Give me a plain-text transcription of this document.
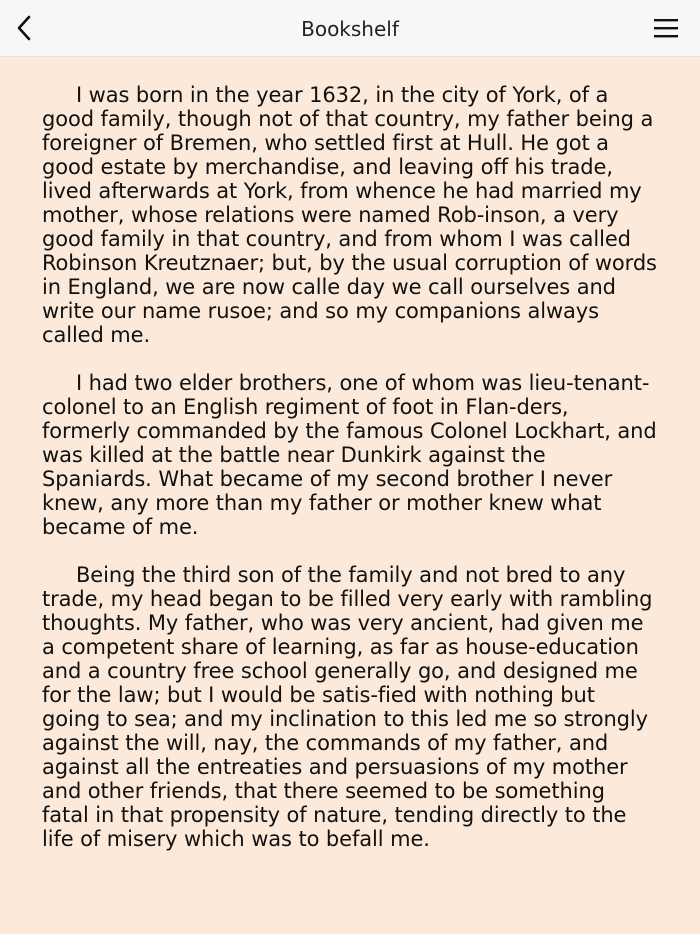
Bookshelf

I was born in the year 1632, in the city of York, of a good family, though not of that country, my father being a foreigner of Bremen, who settled first at Hull. He got a good estate by merchandise, and leaving off his trade, lived afterwards at York, from whence he had married my mother, whose relations were named Rob-inson, a very good family in that country, and from whom I was called Robinson Kreutznaer; but, by the usual corruption of words in England, we are now calle day we call ourselves and write our name rusoe; and so my companions always called me.

I had two elder brothers, one of whom was lieu-tenant-colonel to an English regiment of foot in Flan-ders, formerly commanded by the famous Colonel Lockhart, and was killed at the battle near Dunkirk against the Spaniards. What became of my second brother I never knew, any more than my father or mother knew what became of me.

Being the third son of the family and not bred to any trade, my head began to be filled very early with rambling thoughts. My father, who was very ancient, had given me a competent share of learning, as far as house-education and a country free school generally go, and designed me for the law; but I would be satis-fied with nothing but going to sea; and my inclination to this led me so strongly against the will, nay, the commands of my father, and against all the entreaties and persuasions of my mother and other friends, that there seemed to be something fatal in that propensity of nature, tending directly to the life of misery which was to befall me.
